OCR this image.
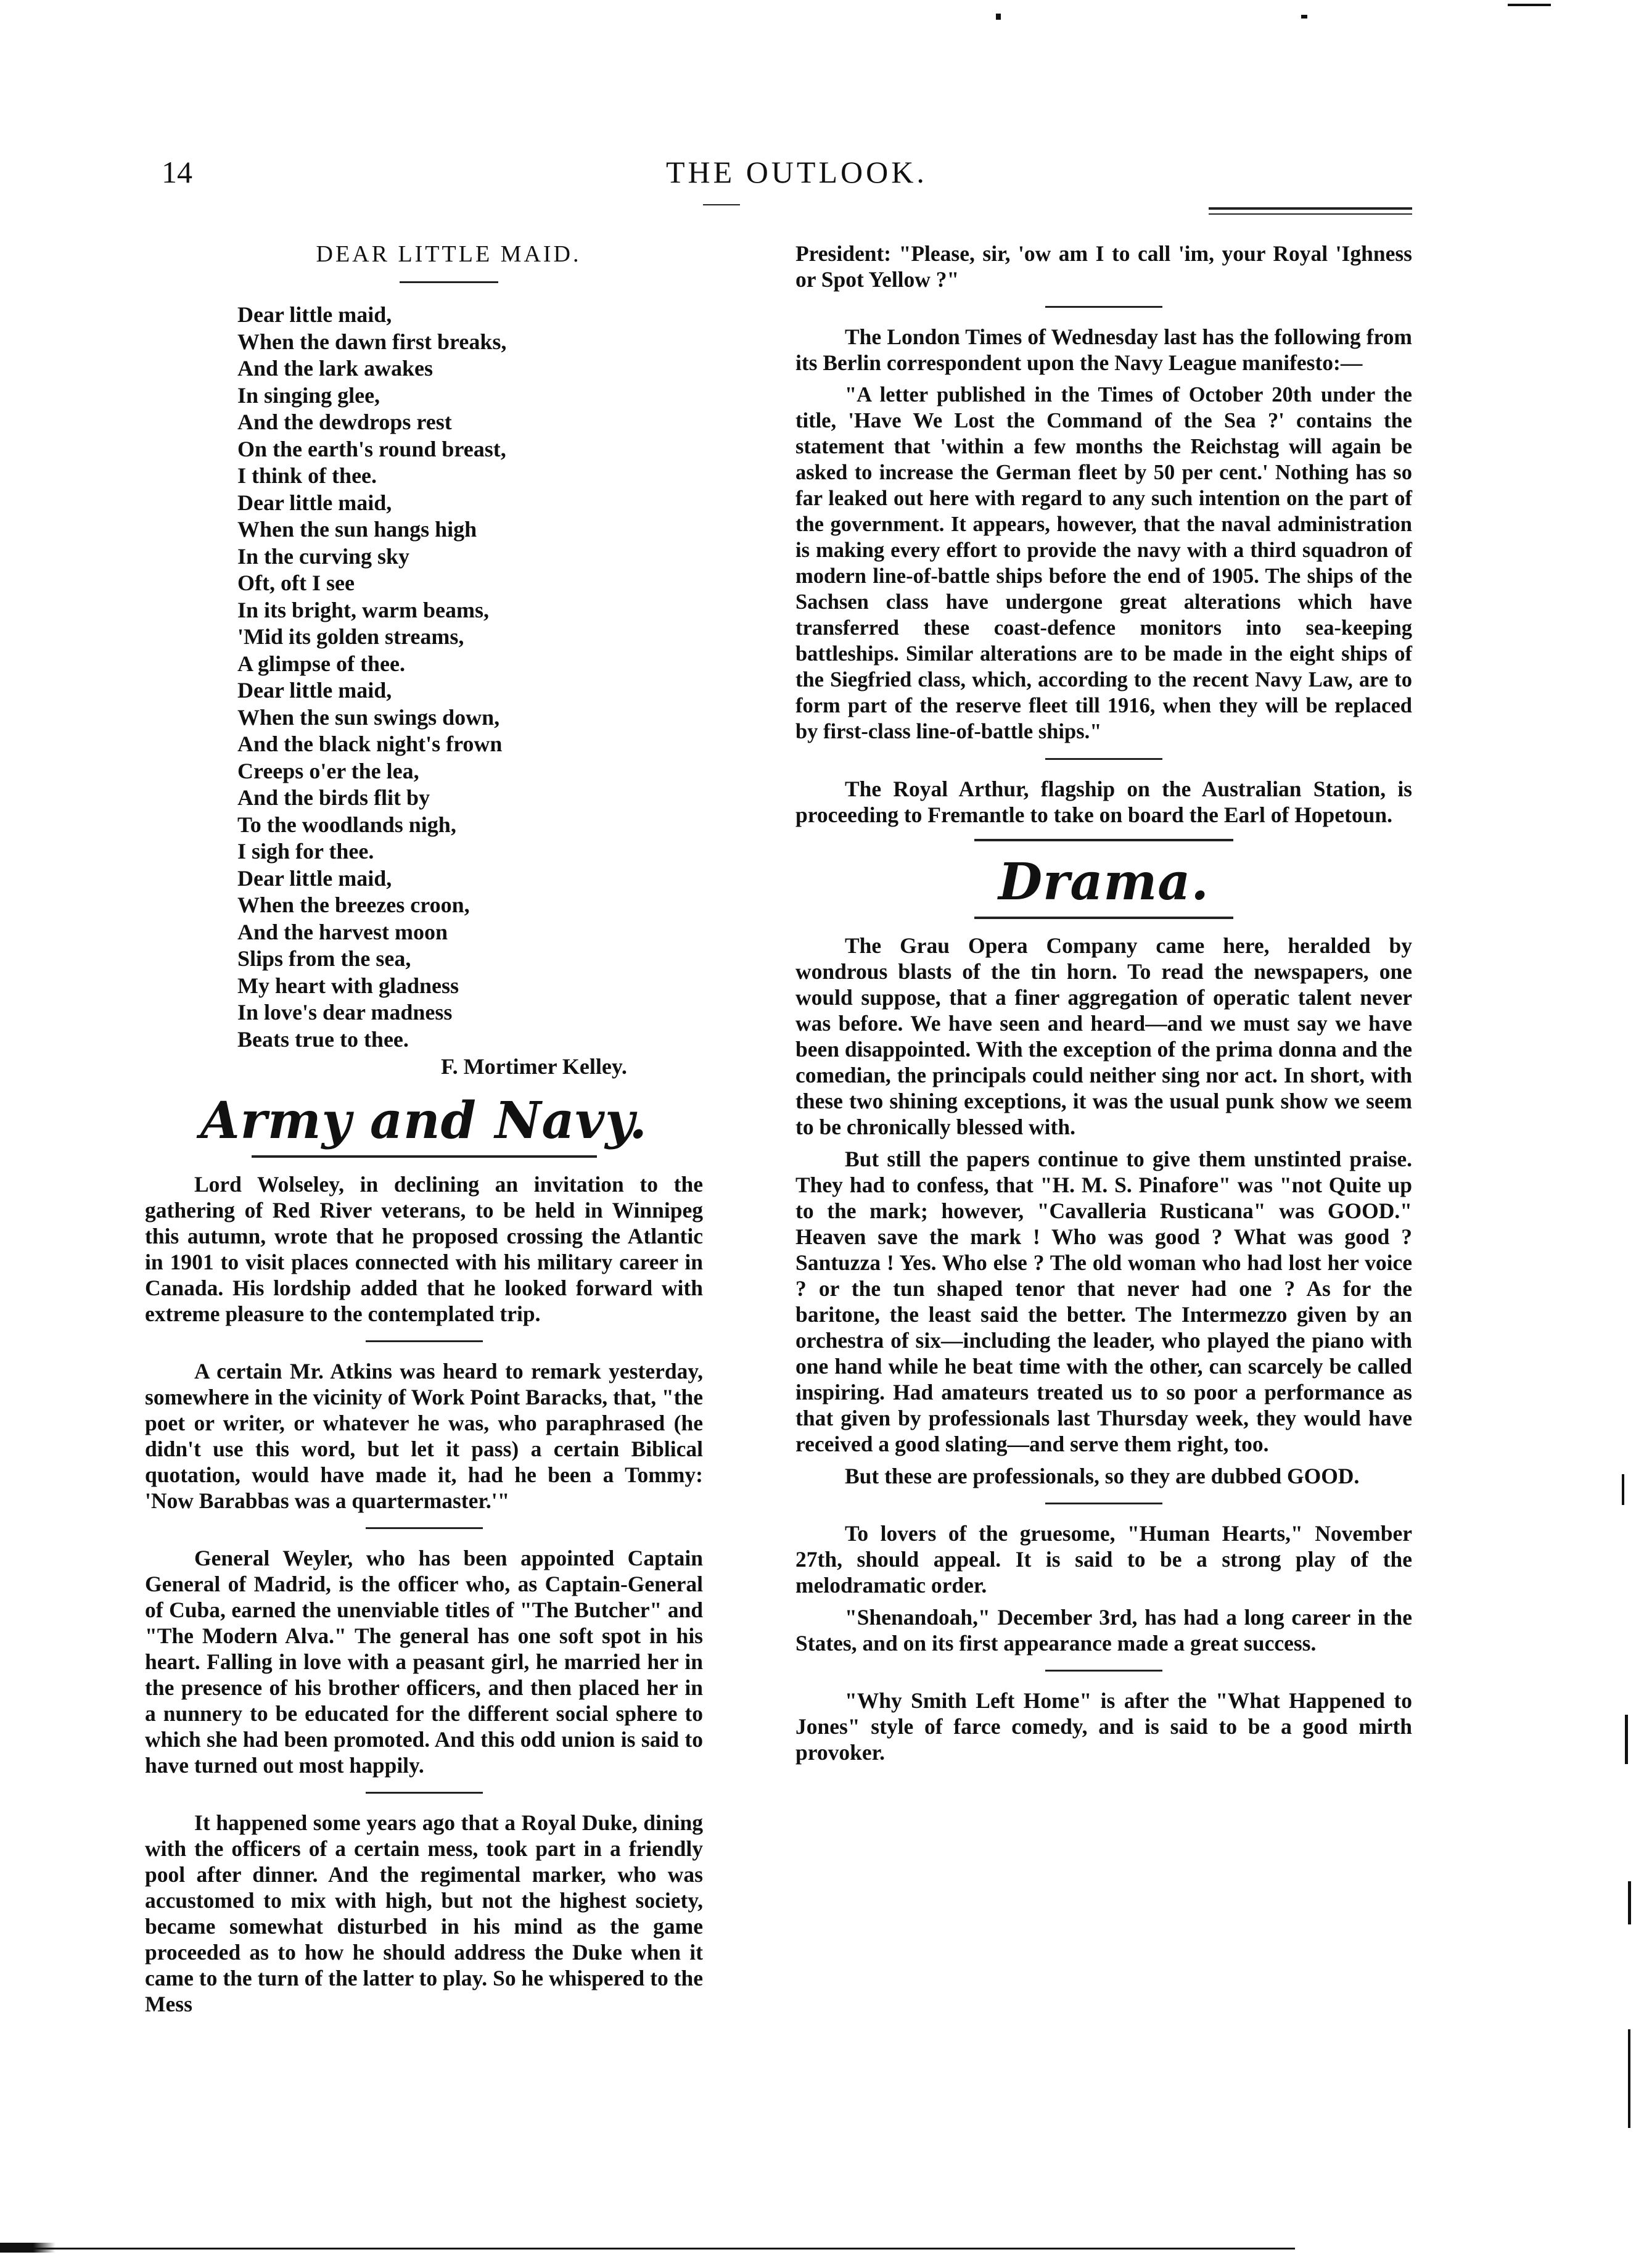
14	THE OUTLOOK.
DEAR LITTLE MAID.
Dear little maid,
When the dawn first breaks,
And the lark awakes
In singing glee,
And the dewdrops rest
On the earth's round breast,
I think of thee.
Dear little maid,
When the sun hangs high
In the curving sky
Oft, oft I see
In its bright, warm beams,
'Mid its golden streams,
A glimpse of thee.
Dear little maid,
When the sun swings down,
And the black night's frown
Creeps o'er the lea,
And the birds flit by
To the woodlands nigh,
I sigh for thee.
Dear little maid,
When the breezes croon,
And the harvest moon
Slips from the sea,
My heart with gladness
In love's dear madness
Beats true to thee.
F. Mortimer Kelley.
Army and Navy.
Lord Wolseley, in declining an invitation to the gathering of Red River veterans, to be held in Winnipeg this autumn, wrote that he proposed crossing the Atlantic in 1901 to visit places connected with his military career in Canada. His lordship added that he looked forward with extreme pleasure to the contemplated trip.
A certain Mr. Atkins was heard to remark yesterday, somewhere in the vicinity of Work Point Baracks, that, "the poet or writer, or whatever he was, who paraphrased (he didn't use this word, but let it pass) a certain Biblical quotation, would have made it, had he been a Tommy: 'Now Barabbas was a quartermaster.'"
General Weyler, who has been appointed Captain General of Madrid, is the officer who, as Captain-General of Cuba, earned the unenviable titles of "The Butcher" and "The Modern Alva." The general has one soft spot in his heart. Falling in love with a peasant girl, he married her in the presence of his brother officers, and then placed her in a nunnery to be educated for the different social sphere to which she had been promoted. And this odd union is said to have turned out most happily.
It happened some years ago that a Royal Duke, dining with the officers of a certain mess, took part in a friendly pool after dinner. And the regimental marker, who was accustomed to mix with high, but not the highest society, became somewhat disturbed in his mind as the game proceeded as to how he should address the Duke when it came to the turn of the latter to play. So he whispered to the Mess
President: "Please, sir, 'ow am I to call 'im, your Royal 'Ighness or Spot Yellow ?"
The London Times of Wednesday last has the following from its Berlin correspondent upon the Navy League manifesto:—
"A letter published in the Times of October 20th under the title, 'Have We Lost the Command of the Sea ?' contains the statement that 'within a few months the Reichstag will again be asked to increase the German fleet by 50 per cent.' Nothing has so far leaked out here with regard to any such intention on the part of the government. It appears, however, that the naval administration is making every effort to provide the navy with a third squadron of modern line-of-battle ships before the end of 1905. The ships of the Sachsen class have undergone great alterations which have transferred these coast-defence monitors into sea-keeping battleships. Similar alterations are to be made in the eight ships of the Siegfried class, which, according to the recent Navy Law, are to form part of the reserve fleet till 1916, when they will be replaced by first-class line-of-battle ships."
The Royal Arthur, flagship on the Australian Station, is proceeding to Fremantle to take on board the Earl of Hopetoun.
Drama.
The Grau Opera Company came here, heralded by wondrous blasts of the tin horn. To read the newspapers, one would suppose, that a finer aggregation of operatic talent never was before. We have seen and heard—and we must say we have been disappointed. With the exception of the prima donna and the comedian, the principals could neither sing nor act. In short, with these two shining exceptions, it was the usual punk show we seem to be chronically blessed with.
But still the papers continue to give them unstinted praise. They had to confess, that "H. M. S. Pinafore" was "not Quite up to the mark; however, "Cavalleria Rusticana" was GOOD." Heaven save the mark ! Who was good ? What was good ? Santuzza ! Yes. Who else ? The old woman who had lost her voice ? or the tun shaped tenor that never had one ? As for the baritone, the least said the better. The Intermezzo given by an orchestra of six—including the leader, who played the piano with one hand while he beat time with the other, can scarcely be called inspiring. Had amateurs treated us to so poor a performance as that given by professionals last Thursday week, they would have received a good slating—and serve them right, too.
But these are professionals, so they are dubbed GOOD.
To lovers of the gruesome, "Human Hearts," November 27th, should appeal. It is said to be a strong play of the melodramatic order.
"Shenandoah," December 3rd, has had a long career in the States, and on its first appearance made a great success.
"Why Smith Left Home" is after the "What Happened to Jones" style of farce comedy, and is said to be a good mirth provoker.
